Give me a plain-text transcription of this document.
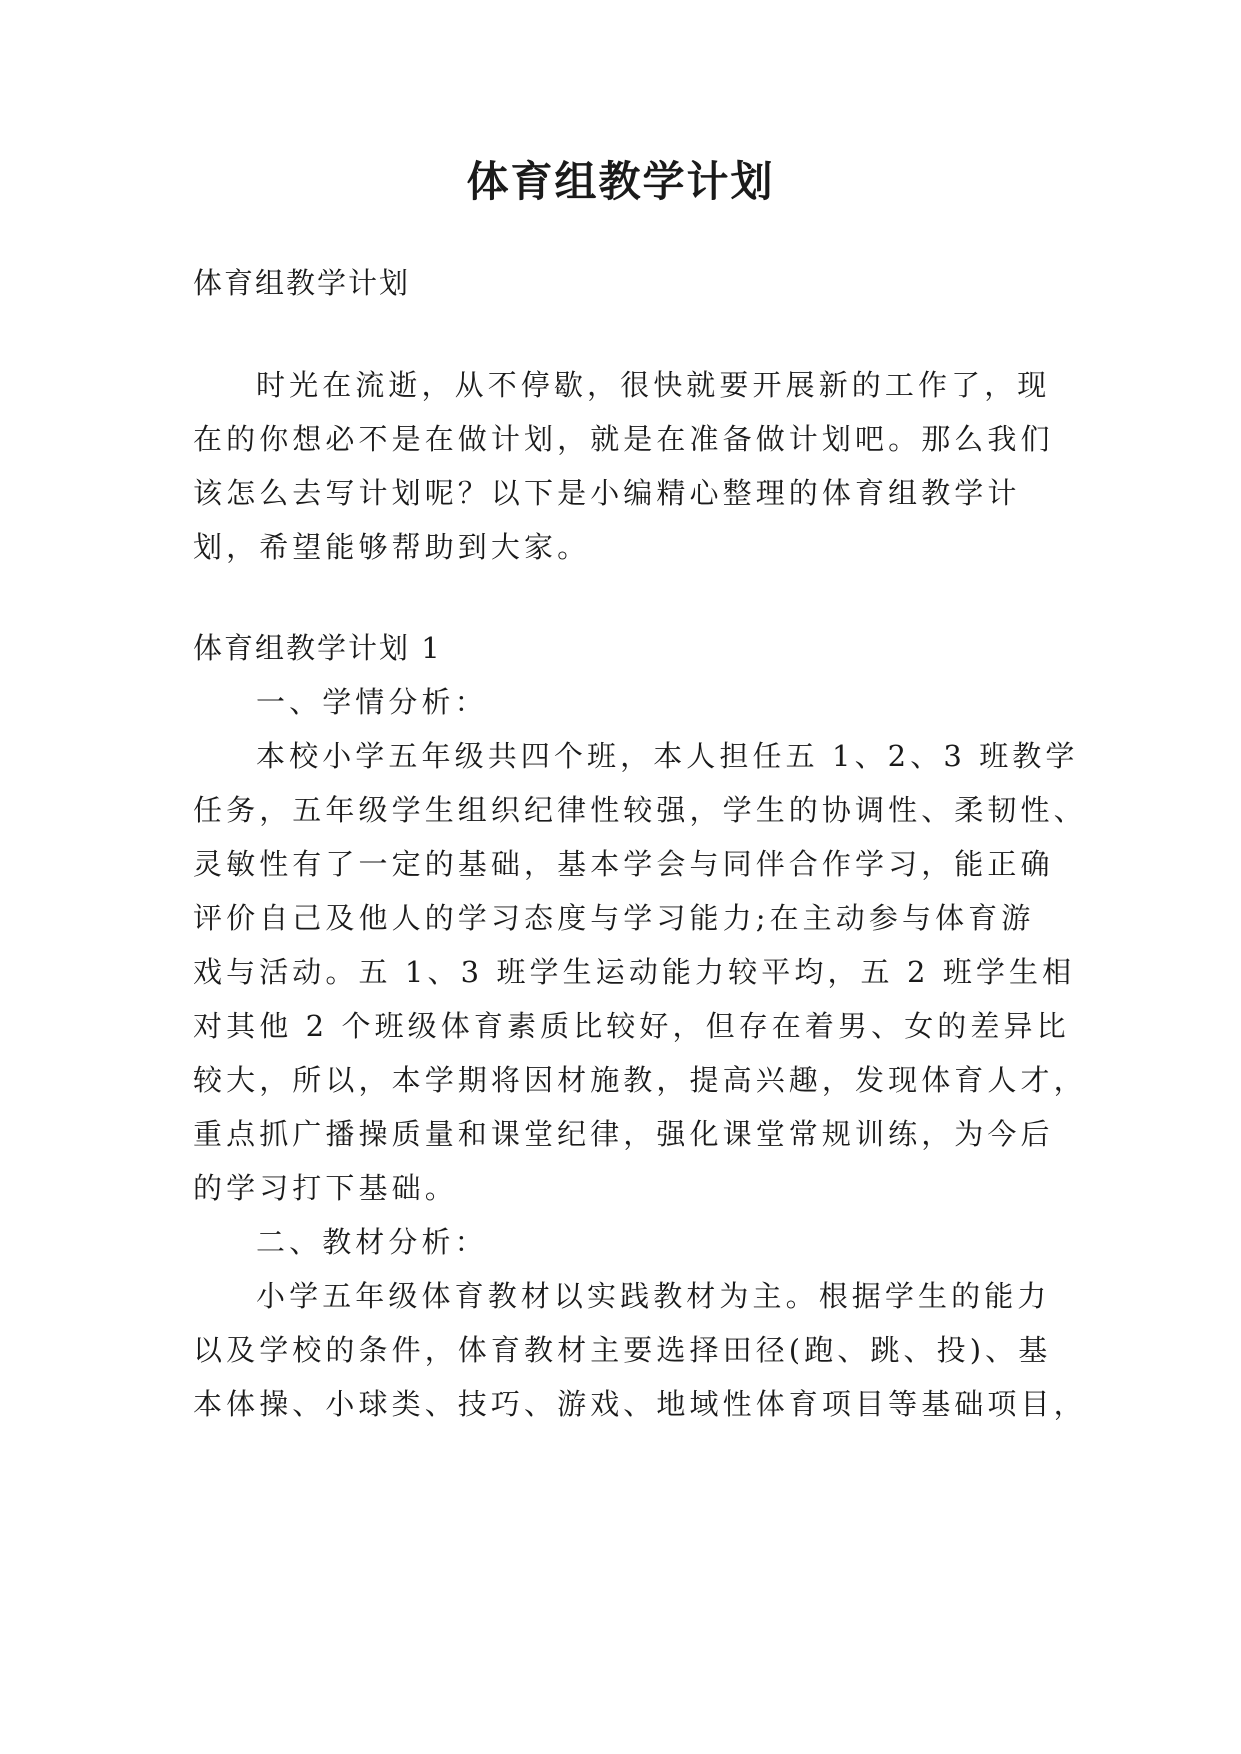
体育组教学计划

体育组教学计划

时光在流逝，从不停歇，很快就要开展新的工作了，现

在的你想必不是在做计划，就是在准备做计划吧。那么我们

该怎么去写计划呢？以下是小编精心整理的体育组教学计

划，希望能够帮助到大家。

体育组教学计划 1

一、学情分析：

本校小学五年级共四个班，本人担任五 1、2、3 班教学

任务，五年级学生组织纪律性较强，学生的协调性、柔韧性、

灵敏性有了一定的基础，基本学会与同伴合作学习，能正确

评价自己及他人的学习态度与学习能力;在主动参与体育游

戏与活动。五 1、3 班学生运动能力较平均，五 2 班学生相

对其他 2 个班级体育素质比较好，但存在着男、女的差异比

较大，所以，本学期将因材施教，提高兴趣，发现体育人才，

重点抓广播操质量和课堂纪律，强化课堂常规训练，为今后

的学习打下基础。

二、教材分析：

小学五年级体育教材以实践教材为主。根据学生的能力

以及学校的条件，体育教材主要选择田径(跑、跳、投)、基

本体操、小球类、技巧、游戏、地域性体育项目等基础项目，
